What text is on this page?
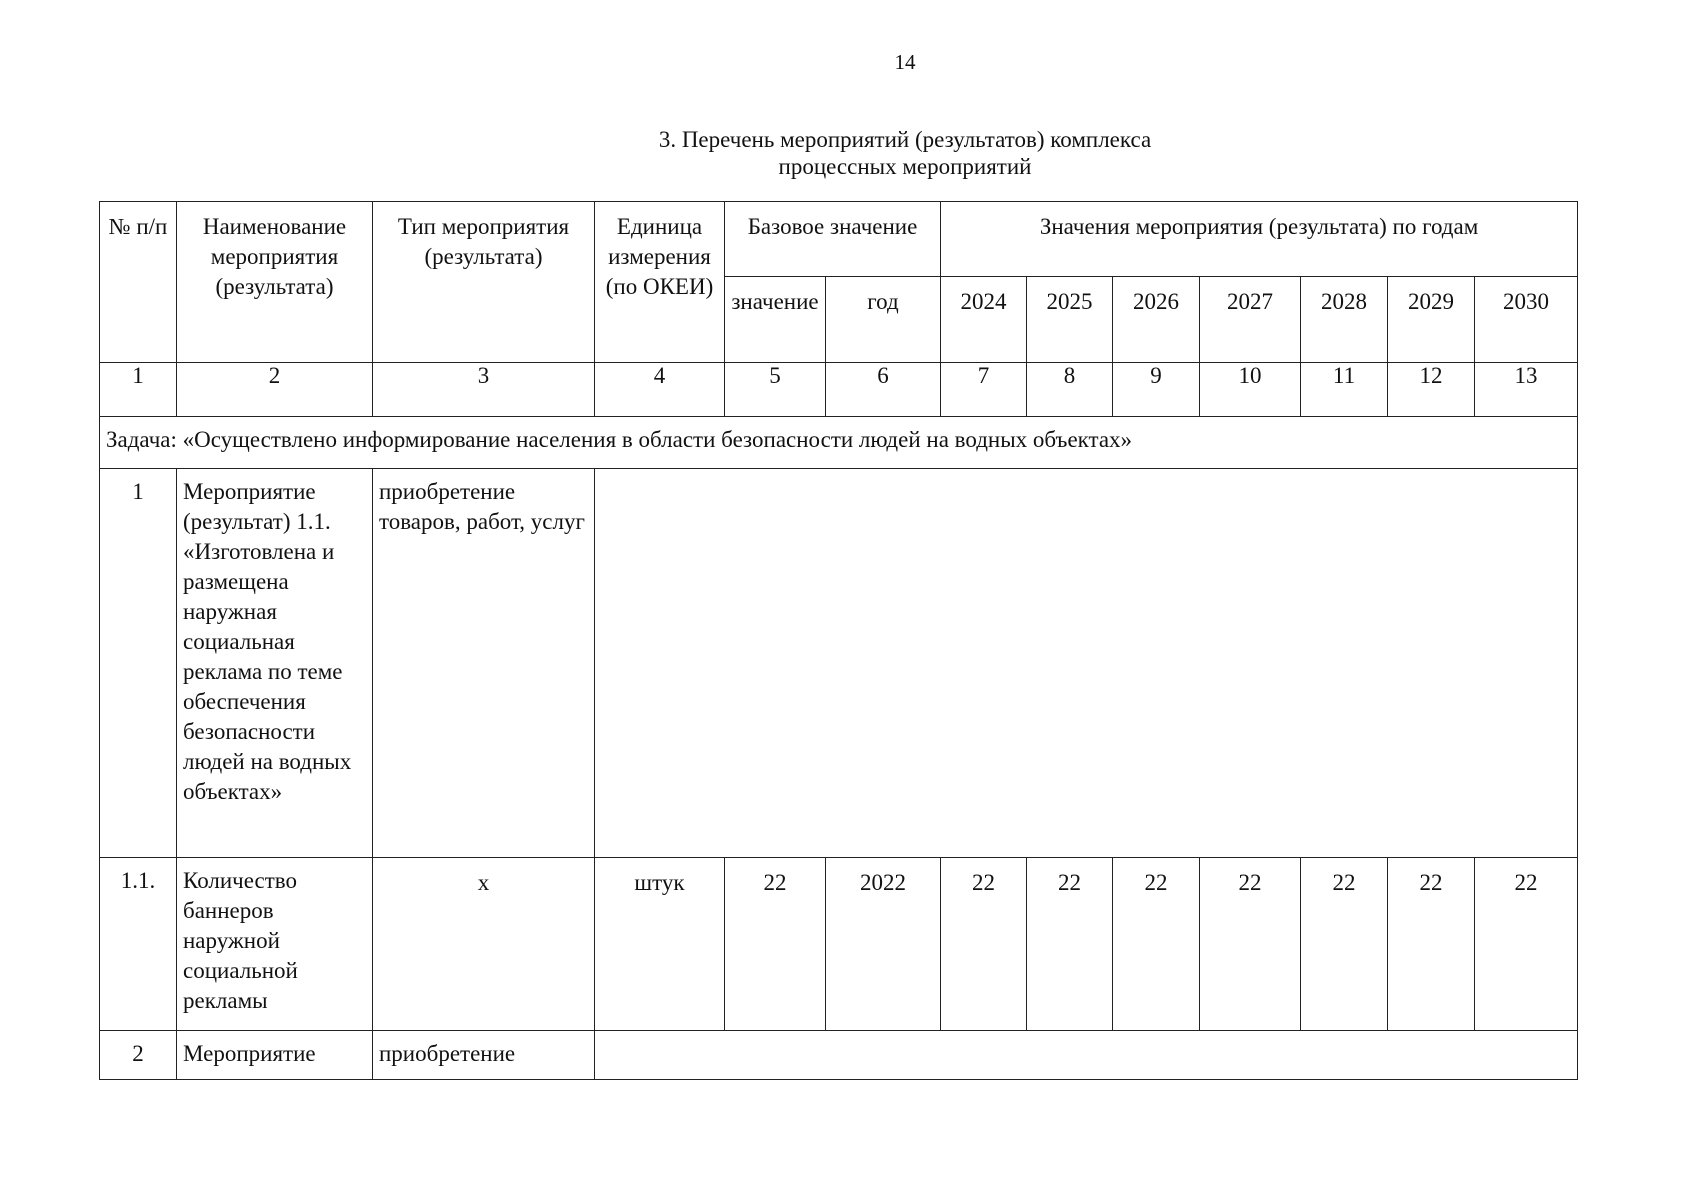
14
3. Перечень мероприятий (результатов) комплекса
процессных мероприятий
№ п/п	Наименование мероприятия (результата)	Тип мероприятия (результата)	Единица измерения (по ОКЕИ)	Базовое значение		Значения мероприятия (результата) по годам						
				значение	год	2024	2025	2026	2027	2028	2029	2030
1	2	3	4	5	6	7	8	9	10	11	12	13
Задача: «Осуществлено информирование населения в области безопасности людей на водных объектах»												
1	Мероприятие (результат) 1.1. «Изготовлена и размещена наружная социальная реклама по теме обеспечения безопасности людей на водных объектах»	приобретение товаров, работ, услуг										
1.1.	Количество баннеров наружной социальной рекламы	x	штук	22	2022	22	22	22	22	22	22	22
2	Мероприятие	приобретение										
